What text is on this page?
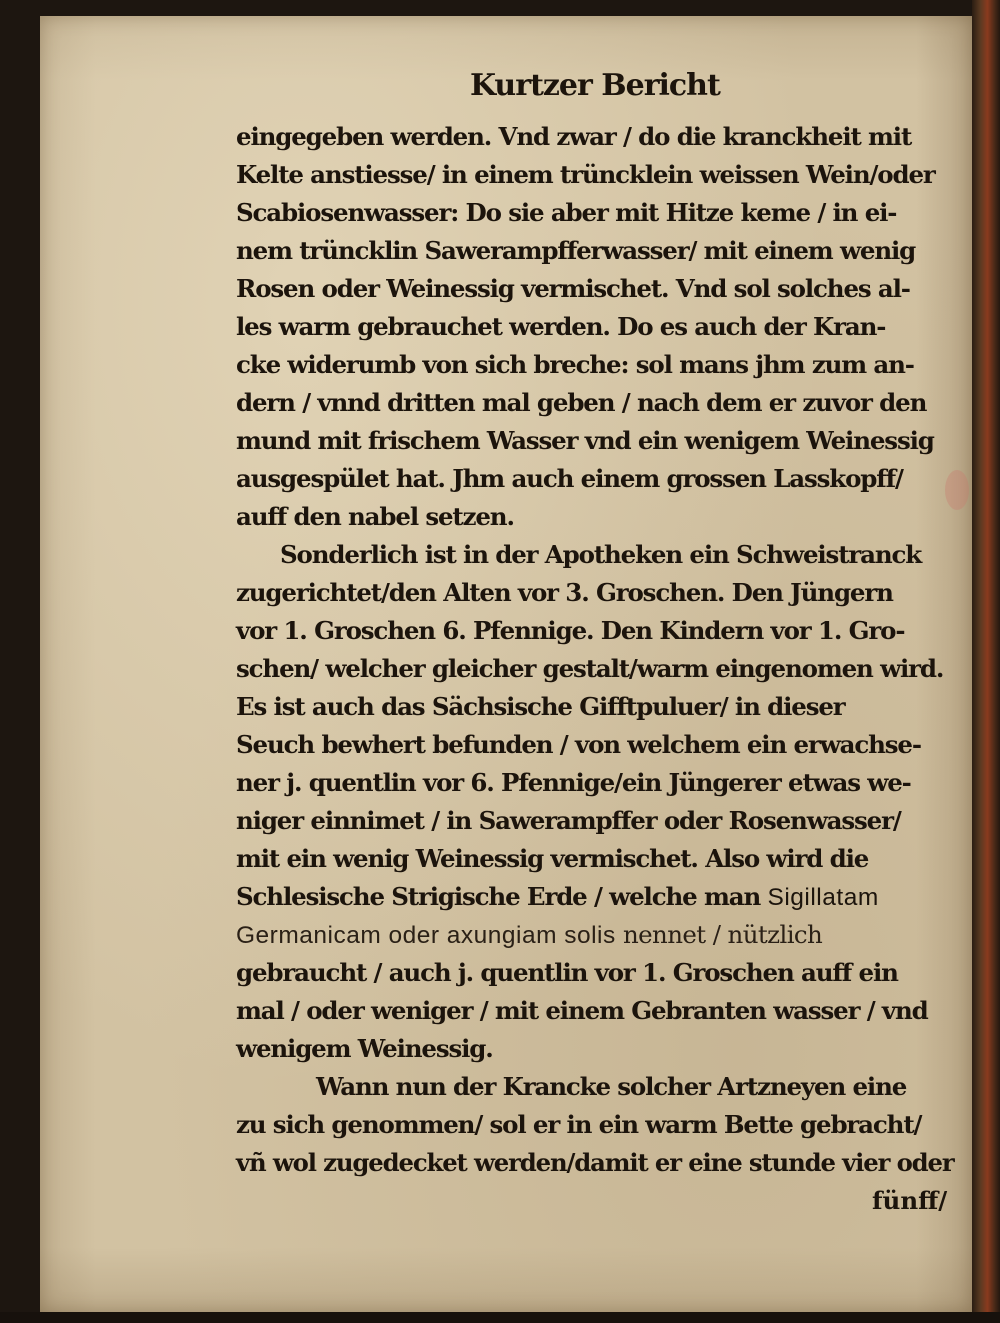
Kurtzer Bericht
eingegeben werden. Vnd zwar / do die kranckheit mit
Kelte anstiesse/ in einem trüncklein weissen Wein/oder
Scabiosenwasser: Do sie aber mit Hitze keme / in ei-
nem trüncklin Sawerampfferwasser/ mit einem wenig
Rosen oder Weinessig vermischet. Vnd sol solches al-
les warm gebrauchet werden. Do es auch der Kran-
cke widerumb von sich breche: sol mans jhm zum an-
dern / vnnd dritten mal geben / nach dem er zuvor den
mund mit frischem Wasser vnd ein wenigem Weinessig
ausgespület hat. Jhm auch einem grossen Lasskopff/
auff den nabel setzen.
Sonderlich ist in der Apotheken ein Schweistranck
zugerichtet/den Alten vor 3. Groschen. Den Jüngern
vor 1. Groschen 6. Pfennige. Den Kindern vor 1. Gro-
schen/ welcher gleicher gestalt/warm eingenomen wird.
Es ist auch das Sächsische Gifftpuluer/ in dieser
Seuch bewhert befunden / von welchem ein erwachse-
ner j. quentlin vor 6. Pfennige/ein Jüngerer etwas we-
niger einnimet / in Sawerampffer oder Rosenwasser/
mit ein wenig Weinessig vermischet. Also wird die
Schlesische Strigische Erde / welche man Sigillatam
Germanicam oder axungiam solis nennet / nützlich
gebraucht / auch j. quentlin vor 1. Groschen auff ein
mal / oder weniger / mit einem Gebranten wasser / vnd
wenigem Weinessig.
Wann nun der Krancke solcher Artzneyen eine
zu sich genommen/ sol er in ein warm Bette gebracht/
vñ wol zugedecket werden/damit er eine stunde vier oder
fünff/
